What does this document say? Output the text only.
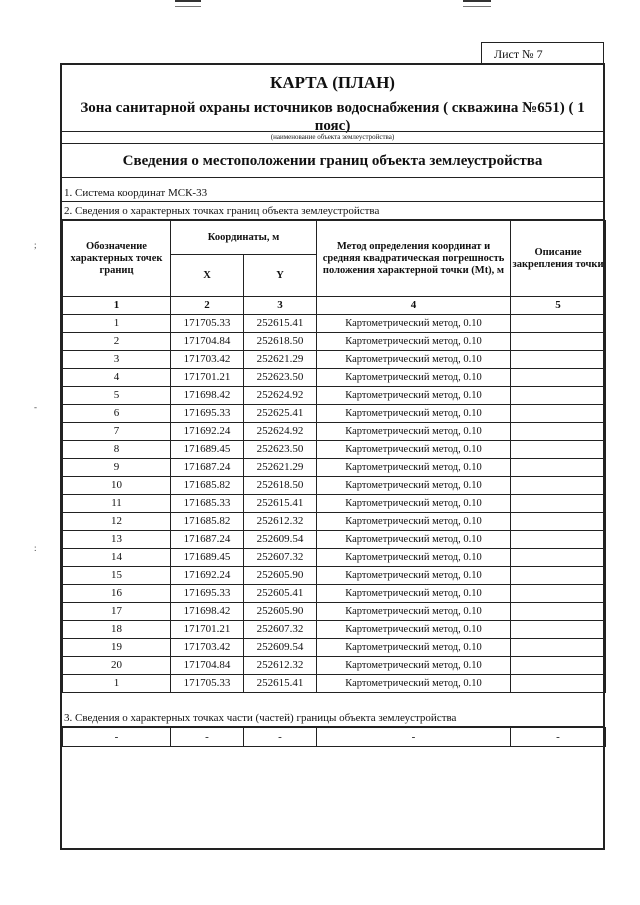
;
-
:
Лист № 7
КАРТА (ПЛАН)
Зона санитарной охраны источников водоснабжения ( скважина №651) ( 1 пояс)
(наименование объекта землеустройства)
Сведения о местоположении границ объекта землеустройства
1. Система координат МСК-33
2. Сведения о характерных точках границ объекта землеустройства
Обозначение характерных точек границ	Координаты, м		Метод определения координат и средняя квадратическая погрешность положения характерной точки (Mt), м	Описание закрепления точки
	X	Y		
1	2	3	4	5
1	171705.33	252615.41	Картометрический метод, 0.10	
2	171704.84	252618.50	Картометрический метод, 0.10	
3	171703.42	252621.29	Картометрический метод, 0.10	
4	171701.21	252623.50	Картометрический метод, 0.10	
5	171698.42	252624.92	Картометрический метод, 0.10	
6	171695.33	252625.41	Картометрический метод, 0.10	
7	171692.24	252624.92	Картометрический метод, 0.10	
8	171689.45	252623.50	Картометрический метод, 0.10	
9	171687.24	252621.29	Картометрический метод, 0.10	
10	171685.82	252618.50	Картометрический метод, 0.10	
11	171685.33	252615.41	Картометрический метод, 0.10	
12	171685.82	252612.32	Картометрический метод, 0.10	
13	171687.24	252609.54	Картометрический метод, 0.10	
14	171689.45	252607.32	Картометрический метод, 0.10	
15	171692.24	252605.90	Картометрический метод, 0.10	
16	171695.33	252605.41	Картометрический метод, 0.10	
17	171698.42	252605.90	Картометрический метод, 0.10	
18	171701.21	252607.32	Картометрический метод, 0.10	
19	171703.42	252609.54	Картометрический метод, 0.10	
20	171704.84	252612.32	Картометрический метод, 0.10	
1	171705.33	252615.41	Картометрический метод, 0.10	
3. Сведения о характерных точках части (частей) границы объекта землеустройства
-	-	-	-	-
